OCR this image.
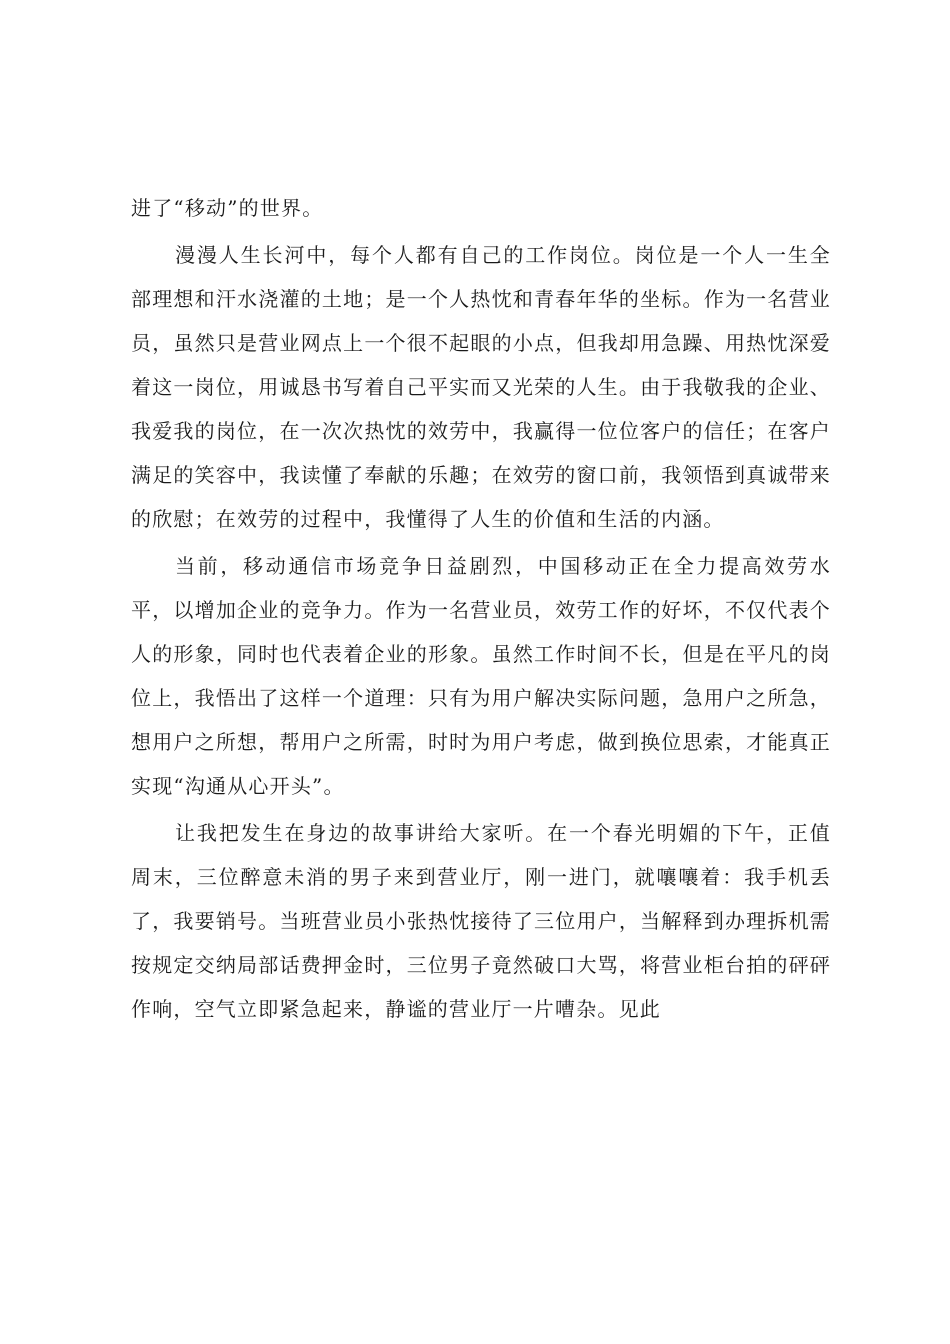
进了“移动”的世界。

漫漫人生长河中，每个人都有自己的工作岗位。岗位是一个人一生全部理想和汗水浇灌的土地；是一个人热忱和青春年华的坐标。作为一名营业员，虽然只是营业网点上一个很不起眼的小点，但我却用急躁、用热忱深爱着这一岗位，用诚恳书写着自己平实而又光荣的人生。由于我敬我的企业、我爱我的岗位，在一次次热忱的效劳中，我赢得一位位客户的信任；在客户满足的笑容中，我读懂了奉献的乐趣；在效劳的窗口前，我领悟到真诚带来的欣慰；在效劳的过程中，我懂得了人生的价值和生活的内涵。

当前，移动通信市场竞争日益剧烈，中国移动正在全力提高效劳水平，以增加企业的竞争力。作为一名营业员，效劳工作的好坏，不仅代表个人的形象，同时也代表着企业的形象。虽然工作时间不长，但是在平凡的岗位上，我悟出了这样一个道理：只有为用户解决实际问题，急用户之所急，想用户之所想，帮用户之所需，时时为用户考虑，做到换位思索，才能真正实现“沟通从心开头”。

让我把发生在身边的故事讲给大家听。在一个春光明媚的下午，正值周末，三位醉意未消的男子来到营业厅，刚一进门，就嚷嚷着：我手机丢了，我要销号。当班营业员小张热忱接待了三位用户，当解释到办理拆机需按规定交纳局部话费押金时，三位男子竟然破口大骂，将营业柜台拍的砰砰作响，空气立即紧急起来，静谧的营业厅一片嘈杂。见此
